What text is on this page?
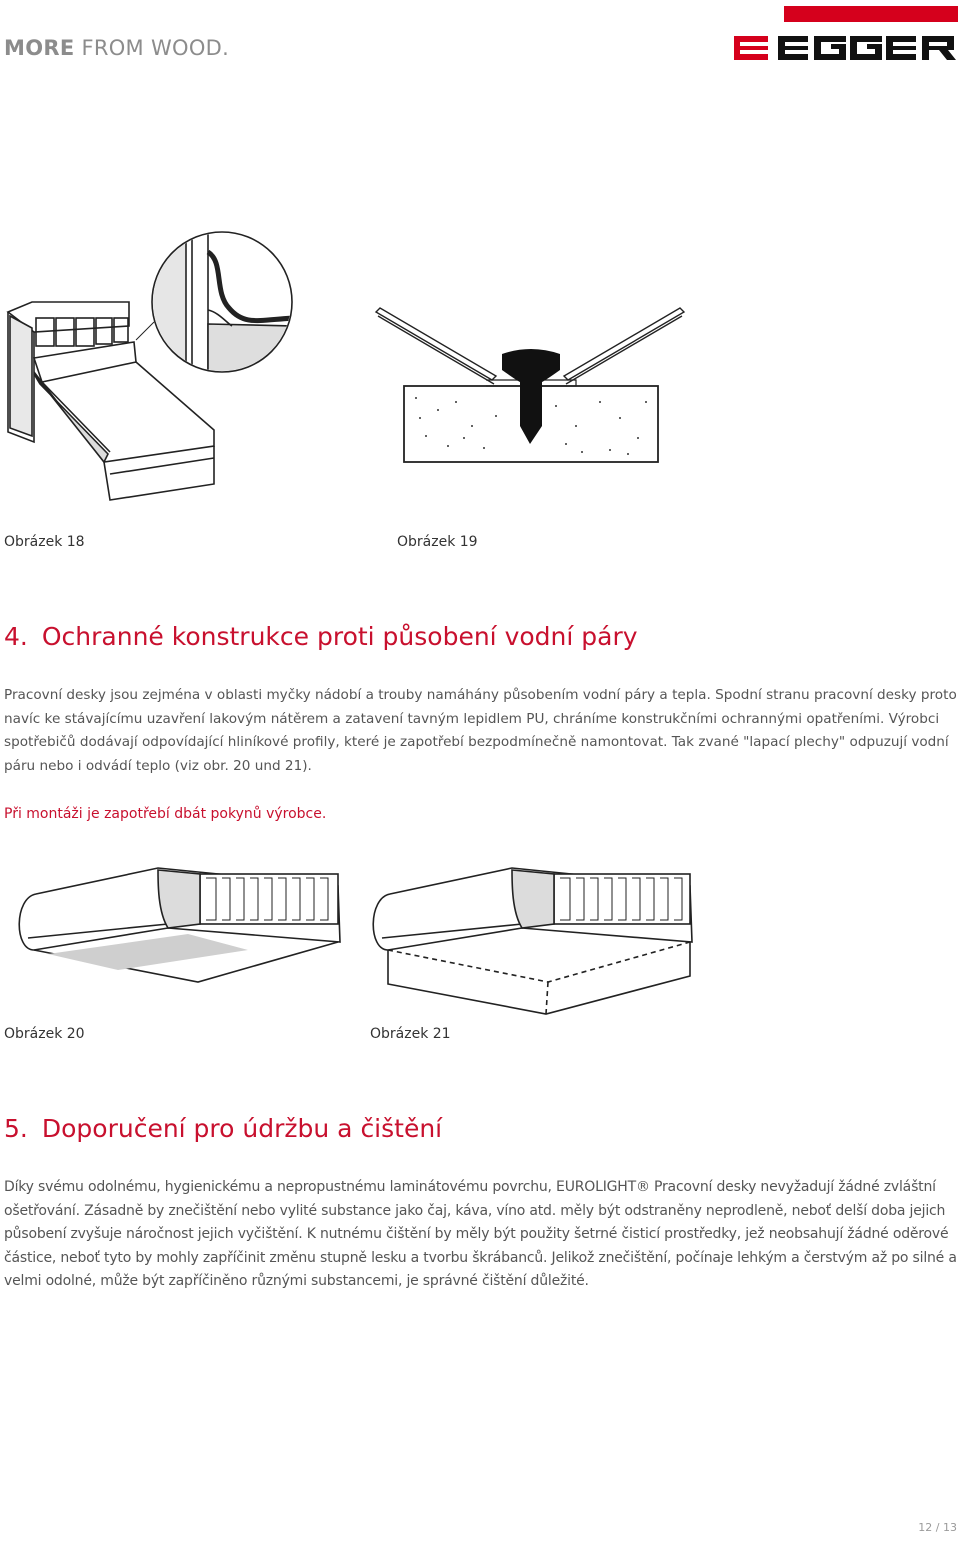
MORE FROM WOOD.
EGGER
Obrázek 18	Obrázek 19
4. Ochranné konstrukce proti působení vodní páry
Pracovní desky jsou zejména v oblasti myčky nádobí a trouby namáhány působením vodní páry a tepla. Spodní stranu pracovní desky proto navíc ke stávajícímu uzavření lakovým nátěrem a zatavení tavným lepidlem PU, chráníme konstrukčními ochrannými opatřeními. Výrobci spotřebičů dodávají odpovídající hliníkové profily, které je zapotřebí bezpodmínečně namontovat. Tak zvané "lapací plechy" odpuzují vodní páru nebo i odvádí teplo (viz obr. 20 und 21).
Při montáži je zapotřebí dbát pokynů výrobce.
Obrázek 20	Obrázek 21
5. Doporučení pro údržbu a čištění
Díky svému odolnému, hygienickému a nepropustnému laminátovému povrchu, EUROLIGHT® Pracovní desky nevyžadují žádné zvláštní ošetřování. Zásadně by znečištění nebo vylité substance jako čaj, káva, víno atd. měly být odstraněny neprodleně, neboť delší doba jejich působení zvyšuje náročnost jejich vyčištění. K nutnému čištění by měly být použity šetrné čisticí prostředky, jež neobsahují žádné oděrové částice, neboť tyto by mohly zapříčinit změnu stupně lesku a tvorbu škrábanců. Jelikož znečištění, počínaje lehkým a čerstvým až po silné a velmi odolné, může být zapříčiněno různými substancemi, je správné čištění důležité.
12 / 13
